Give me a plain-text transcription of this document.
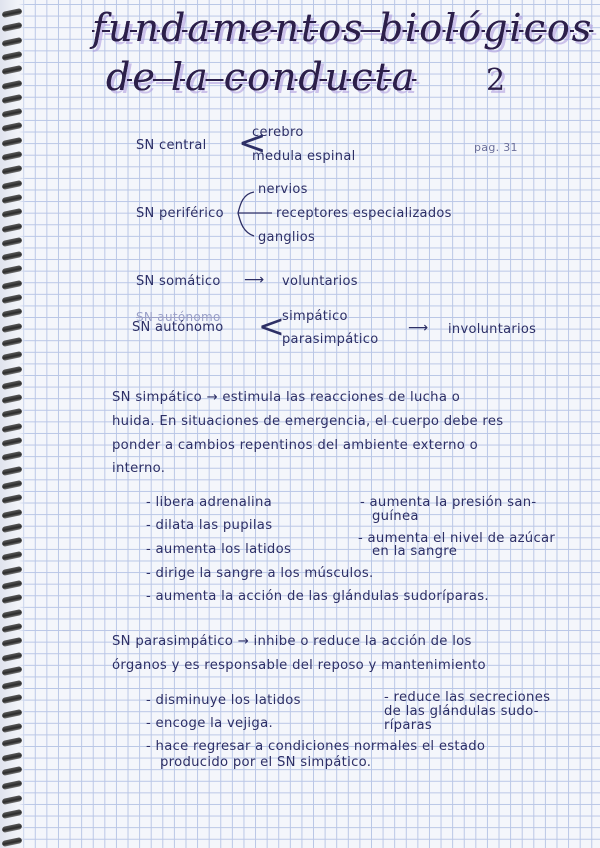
fundamentos biológicos
de la conducta 2
pag. 31
SN central <
cerebro
medula espinal
SN periférico
nervios
receptores especializados
ganglios
SN somático ⟶ voluntarios
SN autónomo
SN autónomo <
simpático
parasimpático
⟶ involuntarios
SN simpático → estimula las reacciones de lucha o
huida. En situaciones de emergencia, el cuerpo debe res
ponder a cambios repentinos del ambiente externo o
interno.
- libera adrenalina
- dilata las pupilas
- aumenta los latidos
- aumenta la presión san-
guínea
- aumenta el nivel de azúcar
en la sangre
- dirige la sangre a los músculos.
- aumenta la acción de las glándulas sudoríparas.
SN parasimpático → inhibe o reduce la acción de los
órganos y es responsable del reposo y mantenimiento
- disminuye los latidos
- encoge la vejiga.
- reduce las secreciones
de las glándulas sudo-
ríparas
- hace regresar a condiciones normales el estado
producido por el SN simpático.
